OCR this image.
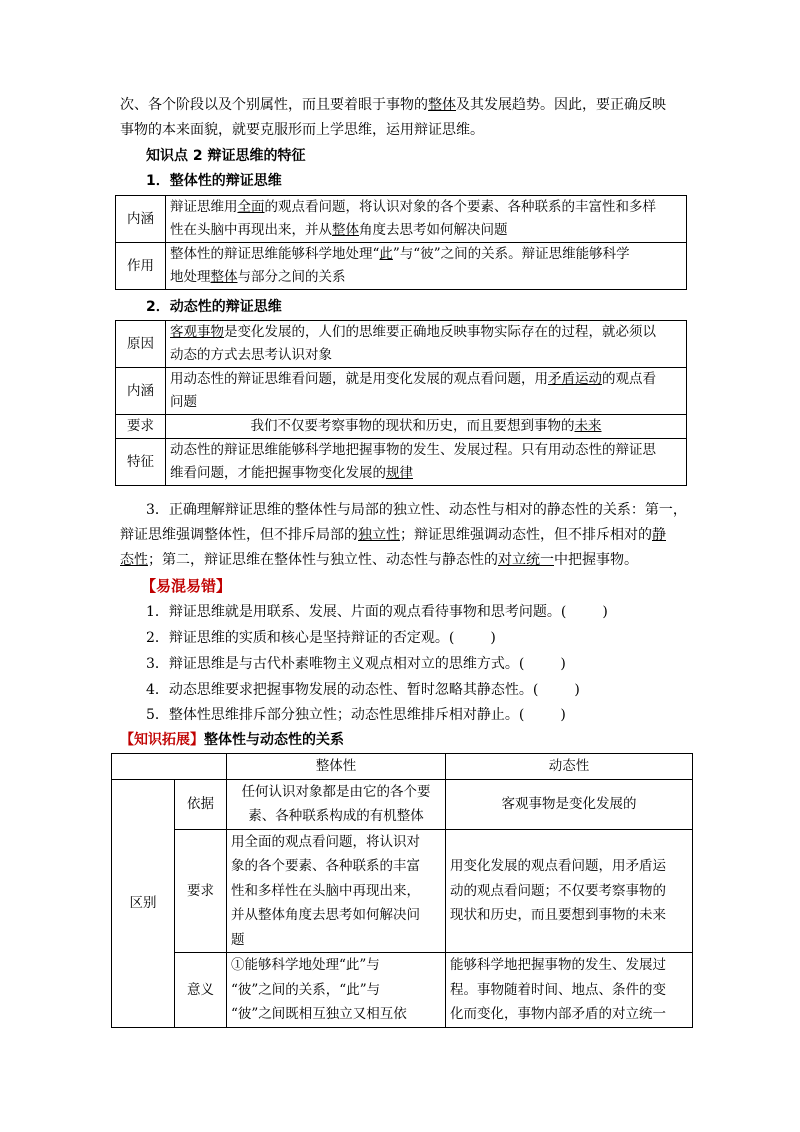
次、各个阶段以及个别属性，而且要着眼于事物的整体及其发展趋势。因此，要正确反映
事物的本来面貌，就要克服形而上学思维，运用辩证思维。
知识点 2 辩证思维的特征
1．整体性的辩证思维
内涵	辩证思维用全面的观点看问题，将认识对象的各个要素、各种联系的丰富性和多样
性在头脑中再现出来，并从整体角度去思考如何解决问题
作用	整体性的辩证思维能够科学地处理“此”与“彼”之间的关系。辩证思维能够科学
地处理整体与部分之间的关系
2．动态性的辩证思维
原因	客观事物是变化发展的，人们的思维要正确地反映事物实际存在的过程，就必须以
动态的方式去思考认识对象
内涵	用动态性的辩证思维看问题，就是用变化发展的观点看问题，用矛盾运动的观点看
问题
要求	我们不仅要考察事物的现状和历史，而且要想到事物的未来
特征	动态性的辩证思维能够科学地把握事物的发生、发展过程。只有用动态性的辩证思
维看问题，才能把握事物变化发展的规律
3．正确理解辩证思维的整体性与局部的独立性、动态性与相对的静态性的关系：第一，
辩证思维强调整体性，但不排斥局部的独立性；辩证思维强调动态性，但不排斥相对的静
态性；第二，辩证思维在整体性与独立性、动态性与静态性的对立统一中把握事物。
【易混易错】
1．辩证思维就是用联系、发展、片面的观点看待事物和思考问题。(	)
2．辩证思维的实质和核心是坚持辩证的否定观。(	)
3．辩证思维是与古代朴素唯物主义观点相对立的思维方式。(	)
4．动态思维要求把握事物发展的动态性、暂时忽略其静态性。(	)
5．整体性思维排斥部分独立性；动态性思维排斥相对静止。(	)
【知识拓展】整体性与动态性的关系
		整体性	动态性
区别	依据	任何认识对象都是由它的各个要
素、各种联系构成的有机整体	客观事物是变化发展的
	要求	用全面的观点看问题，将认识对
象的各个要素、各种联系的丰富
性和多样性在头脑中再现出来，
并从整体角度去思考如何解决问
题	用变化发展的观点看问题，用矛盾运
动的观点看问题；不仅要考察事物的
现状和历史，而且要想到事物的未来
	意义	①能够科学地处理“此”与
“彼”之间的关系，“此”与
“彼”之间既相互独立又相互依	能够科学地把握事物的发生、发展过
程。事物随着时间、地点、条件的变
化而变化，事物内部矛盾的对立统一
